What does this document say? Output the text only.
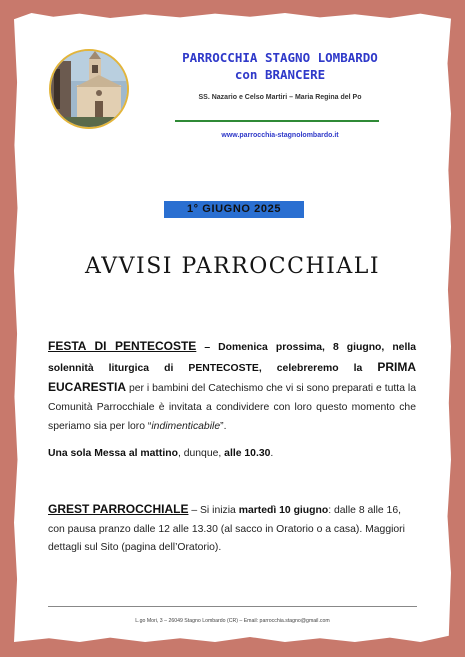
PARROCCHIA STAGNO LOMBARDO
con BRANCERE
SS. Nazario e Celso Martiri – Maria Regina del Po
www.parrocchia-stagnolombardo.it
1° GIUGNO 2025
AVVISI PARROCCHIALI
FESTA DI PENTECOSTE – Domenica prossima, 8 giugno, nella solennità liturgica di PENTECOSTE, celebreremo la PRIMA EUCARESTIA per i bambini del Catechismo che vi si sono preparati e tutta la Comunità Parrocchiale è invitata a condividere con loro questo momento che speriamo sia per loro “indimenticabile”.
Una sola Messa al mattino, dunque, alle 10.30.
GREST PARROCCHIALE – Si inizia martedì 10 giugno: dalle 8 alle 16, con pausa pranzo dalle 12 alle 13.30 (al sacco in Oratorio o a casa). Maggiori dettagli sul Sito (pagina dell’Oratorio).
L.go Mori, 3 – 26049 Stagno Lombardo (CR) – Email: parrocchia.stagno@gmail.com
